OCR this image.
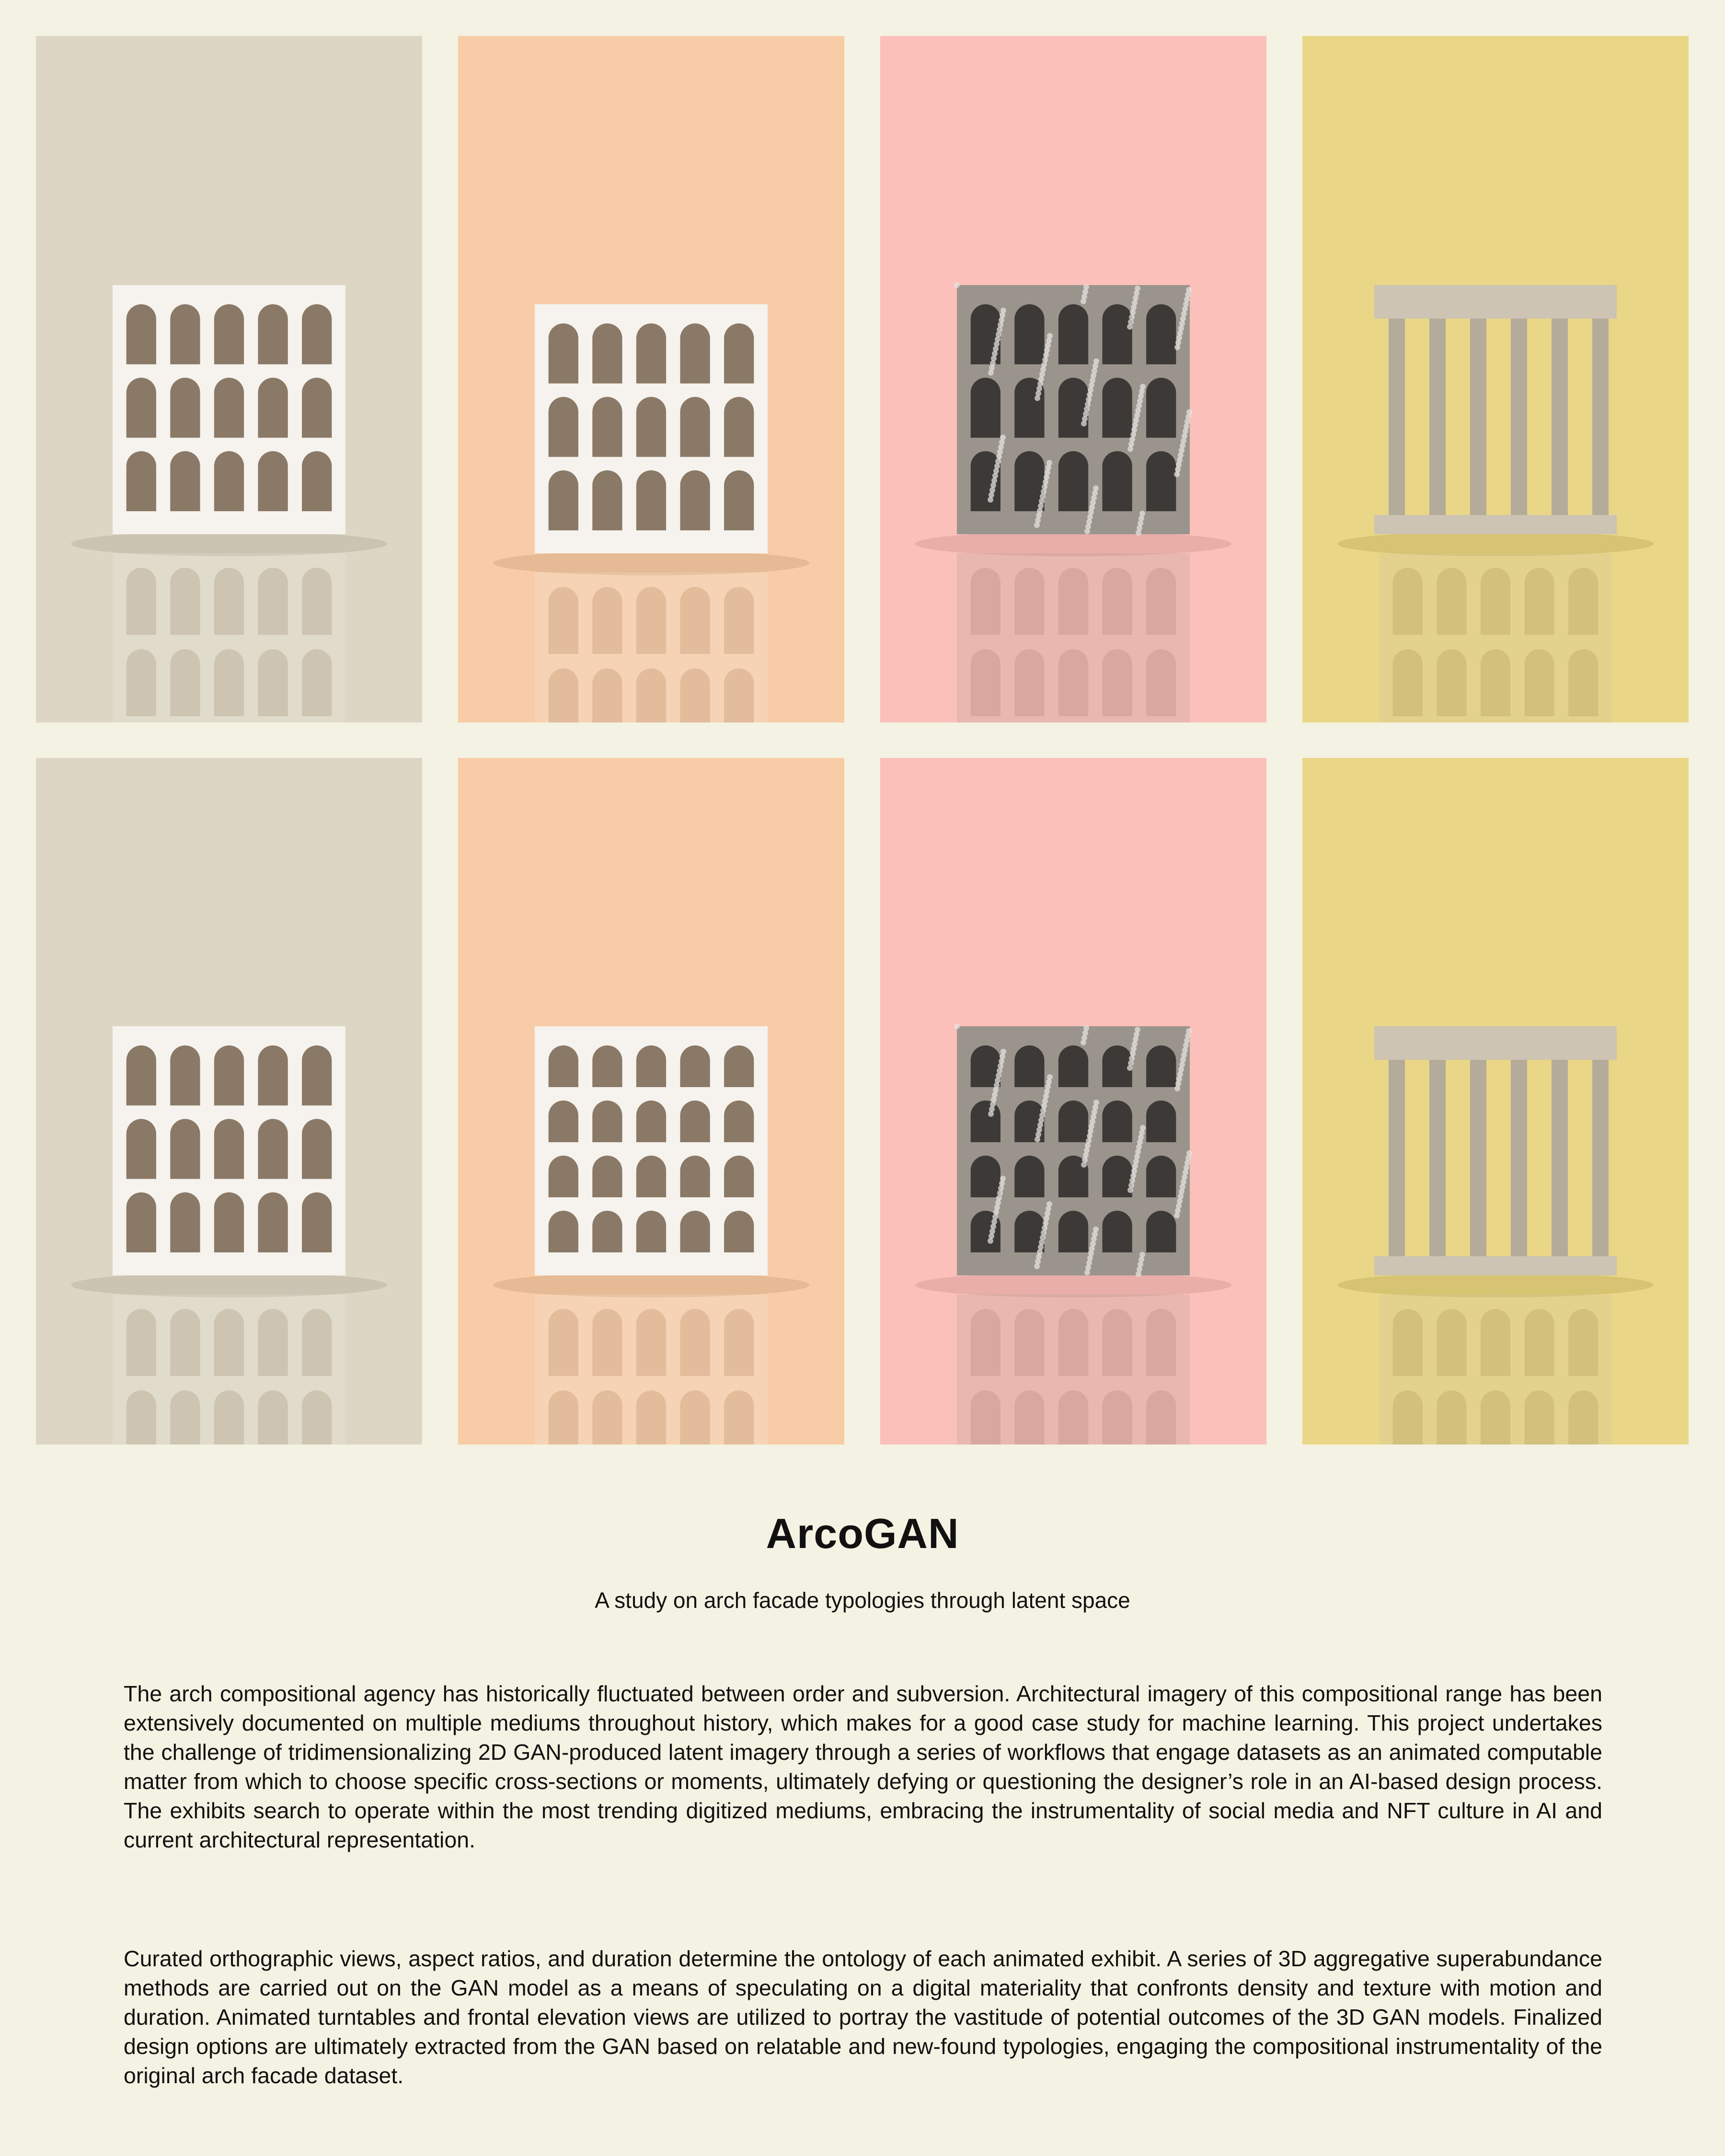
ArcoGAN
A study on arch facade typologies through latent space
The arch compositional agency has historically fluctuated between order and subversion. Architectural imagery of this compositional range has been extensively documented on multiple mediums throughout history, which makes for a good case study for machine learning. This project undertakes the challenge of tridimensionalizing 2D GAN-produced latent imagery through a series of workflows that engage datasets as an animated computable matter from which to choose specific cross-sections or moments, ultimately defying or questioning the designer’s role in an AI-based design process. The exhibits search to operate within the most trending digitized mediums, embracing the instrumentality of social media and NFT culture in AI and current architectural representation.
Curated orthographic views, aspect ratios, and duration determine the ontology of each animated exhibit. A series of 3D aggregative superabundance methods are carried out on the GAN model as a means of speculating on a digital materiality that confronts density and texture with motion and duration. Animated turntables and frontal elevation views are utilized to portray the vastitude of potential outcomes of the 3D GAN models. Finalized design options are ultimately extracted from the GAN based on relatable and new-found typologies, engaging the compositional instrumentality of the original arch facade dataset.
